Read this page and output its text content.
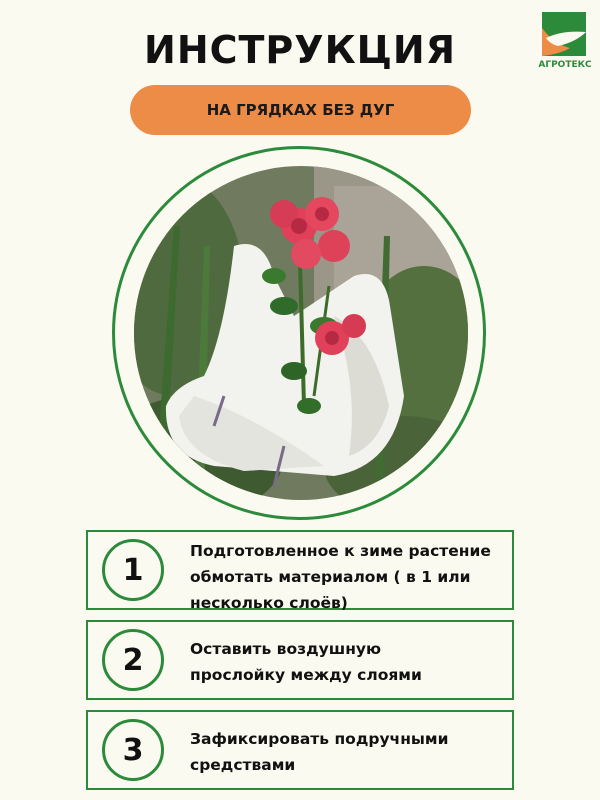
ИНСТРУКЦИЯ	АГРОТЕКС
НА ГРЯДКАХ БЕЗ ДУГ
1
Подготовленное к зиме растение
обмотать материалом ( в 1 или
несколько слоёв)
2	Оставить воздушную
прослойку между слоями
3	Зафиксировать подручными
средствами
